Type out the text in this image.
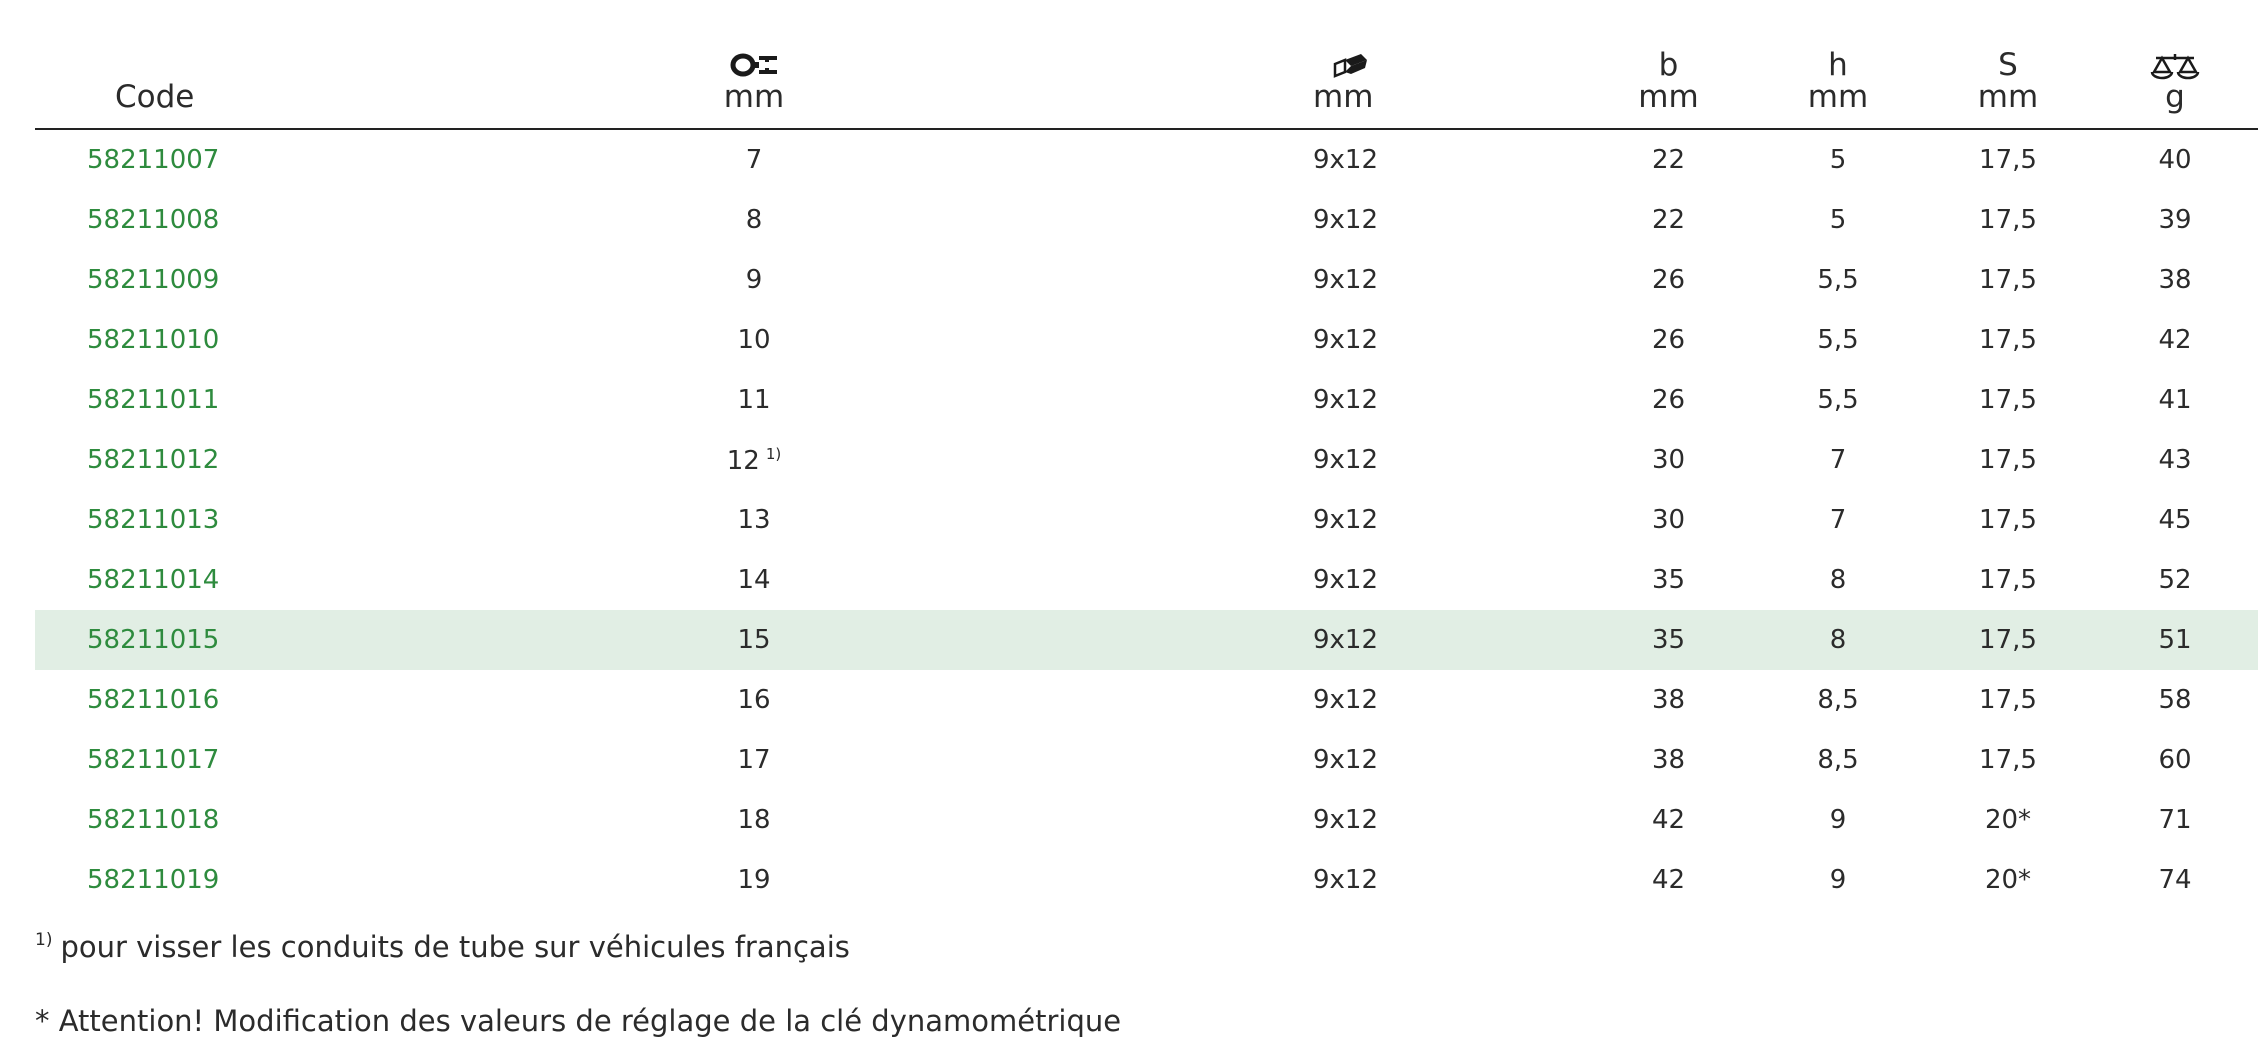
			b	h	S	
Code	mm	mm	mm	mm	mm	g
58211007	7	9x12	22	5	17,5	40
58211008	8	9x12	22	5	17,5	39
58211009	9	9x12	26	5,5	17,5	38
58211010	10	9x12	26	5,5	17,5	42
58211011	11	9x12	26	5,5	17,5	41
58211012	12 $^{1)}$	9x12	30	7	17,5	43
58211013	13	9x12	30	7	17,5	45
58211014	14	9x12	35	8	17,5	52
58211015	15	9x12	35	8	17,5	51
58211016	16	9x12	38	8,5	17,5	58
58211017	17	9x12	38	8,5	17,5	60
58211018	18	9x12	42	9	20*	71
58211019	19	9x12	42	9	20*	74

$^{1)}$ pour visser les conduits de tube sur véhicules français

* Attention! Modification des valeurs de réglage de la clé dynamométrique
